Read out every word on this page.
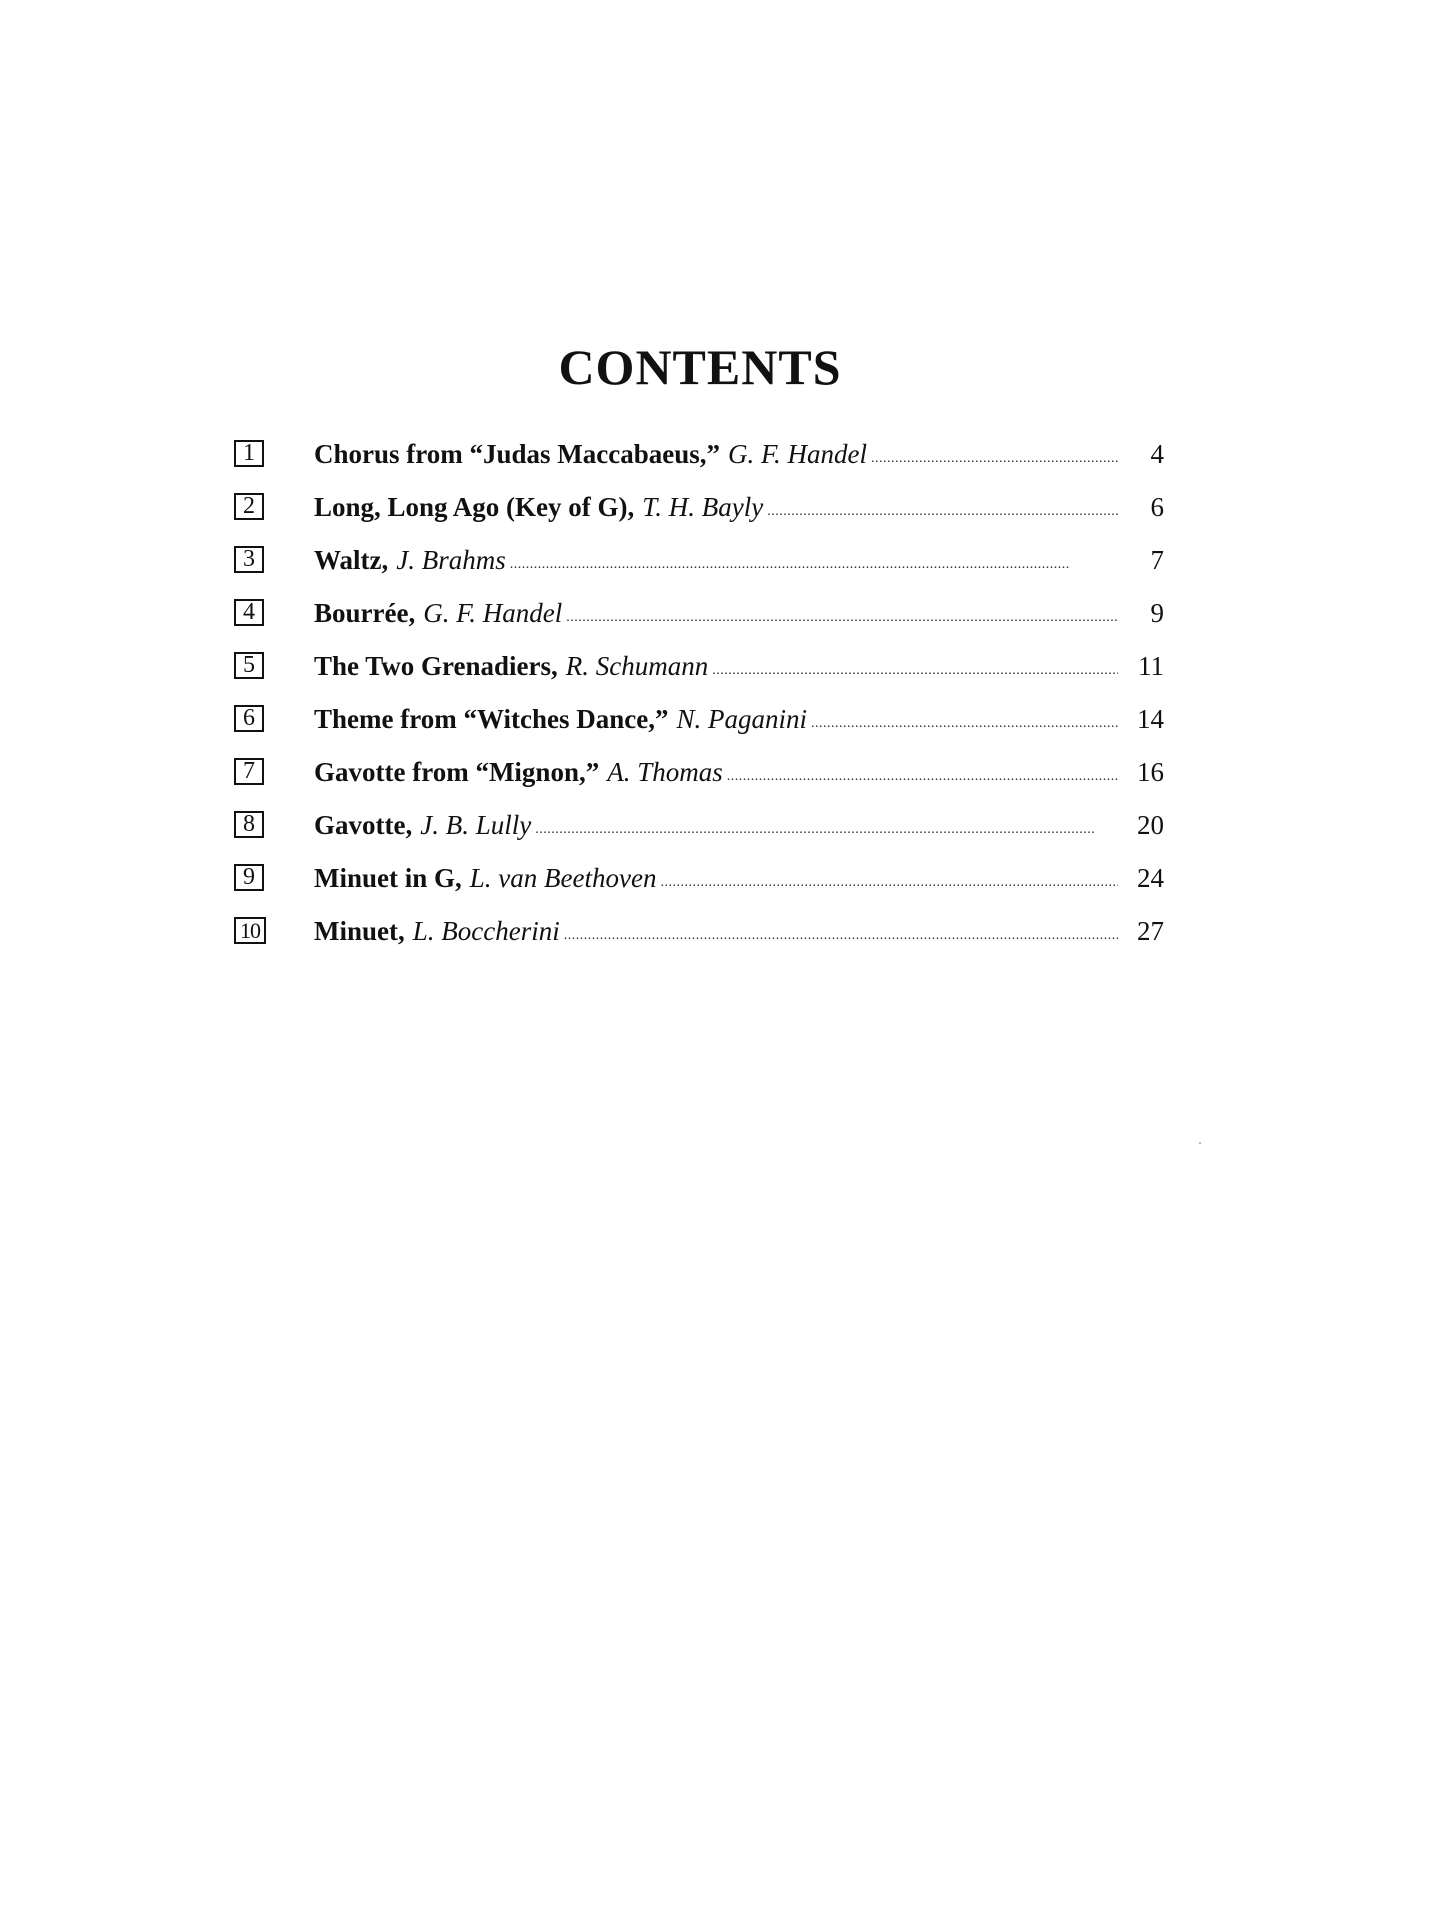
CONTENTS
1	Chorus from “Judas Maccabaeus,” G. F. Handel . . .	4
2	Long, Long Ago (Key of G), T. H. Bayly . . .	6
3	Waltz, J. Brahms . . .	7
4	Bourrée, G. F. Handel . . .	9
5	The Two Grenadiers, R. Schumann . . .	11
6	Theme from “Witches Dance,” N. Paganini . . .	14
7	Gavotte from “Mignon,” A. Thomas . . .	16
8	Gavotte, J. B. Lully . . .	20
9	Minuet in G, L. van Beethoven . . .	24
10 Minuet, L. Boccherini . . .	27
